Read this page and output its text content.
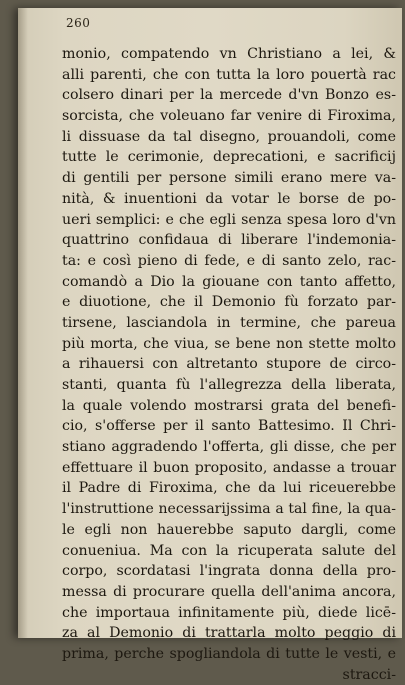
260
monio, compatendo vn Christiano a lei, &
alli parenti, che con tutta la loro pouertà rac
colsero dinari per la mercede d'vn Bonzo es-
sorcista, che voleuano far venire di Firoxima,
li dissuase da tal disegno, prouandoli, come
tutte le cerimonie, deprecationi, e sacrificij
di gentili per persone simili erano mere va-
nità, & inuentioni da votar le borse de po-
ueri semplici: e che egli senza spesa loro d'vn
quattrino confidaua di liberare l'indemonia-
ta: e così pieno di fede, e di santo zelo, rac-
comandò a Dio la giouane con tanto affetto,
e diuotione, che il Demonio fù forzato par-
tirsene, lasciandola in termine, che pareua
più morta, che viua, se bene non stette molto
a rihauersi con altretanto stupore de circo-
stanti, quanta fù l'allegrezza della liberata,
la quale volendo mostrarsi grata del benefi-
cio, s'offerse per il santo Battesimo. Il Chri-
stiano aggradendo l'offerta, gli disse, che per
effettuare il buon proposito, andasse a trouar
il Padre di Firoxima, che da lui riceuerebbe
l'instruttione necessarijssima a tal fine, la qua-
le egli non hauerebbe saputo dargli, come
conueniua. Ma con la ricuperata salute del
corpo, scordatasi l'ingrata donna della pro-
messa di procurare quella dell'anima ancora,
che importaua infinitamente più, diede licē-
za al Demonio di trattarla molto peggio di
prima, perche spogliandola di tutte le vesti, e
stracci-
